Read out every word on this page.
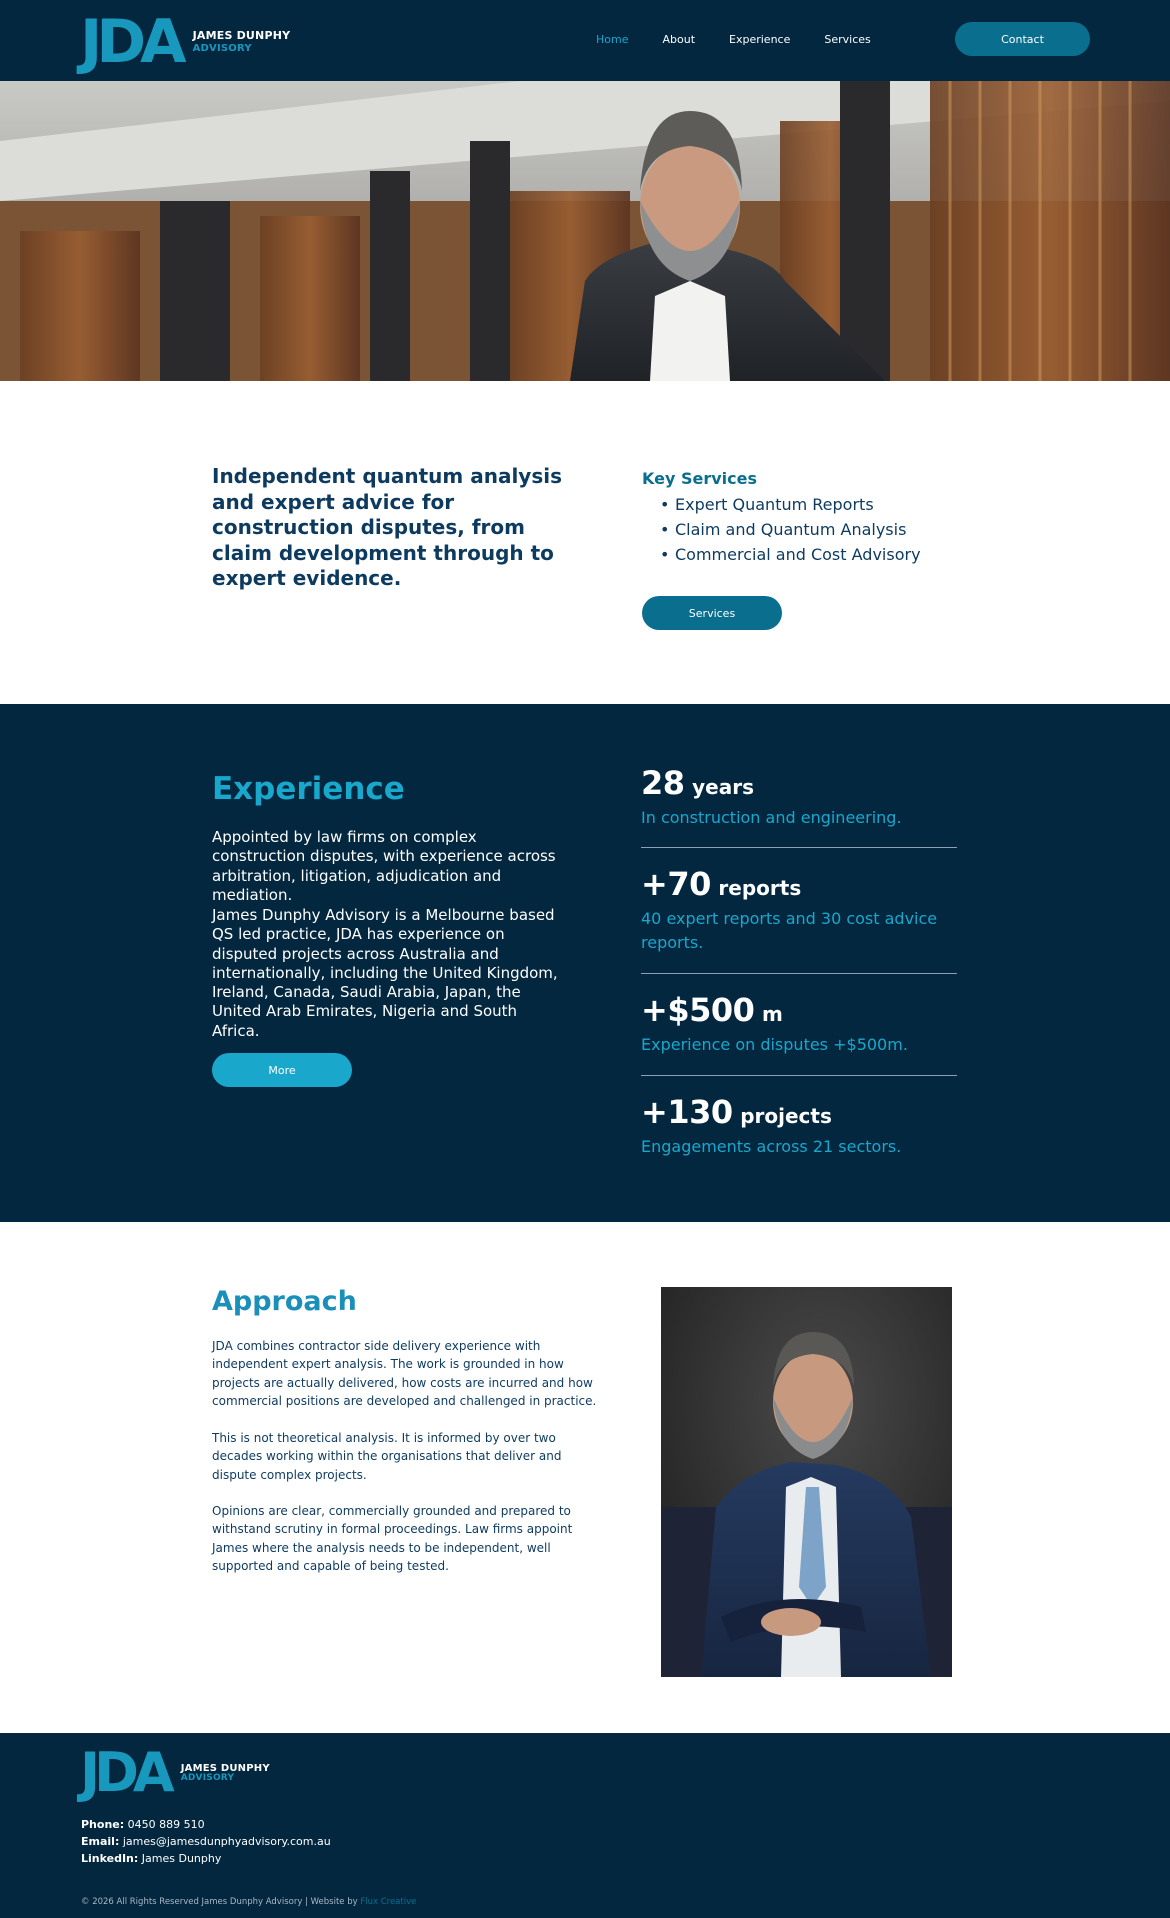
JDA JAMES DUNPHY
ADVISORY
Home	About	Experience	Services	Contact
Independent quantum analysis and expert advice for construction disputes, from claim development through to expert evidence.
Key Services
• Expert Quantum Reports
• Claim and Quantum Analysis
• Commercial and Cost Advisory
Services
Experience

Appointed by law firms on complex construction disputes, with experience across arbitration, litigation, adjudication and mediation.

James Dunphy Advisory is a Melbourne based QS led practice, JDA has experience on disputed projects across Australia and internationally, including the United Kingdom, Ireland, Canada, Saudi Arabia, Japan, the United Arab Emirates, Nigeria and South Africa.

More
28 years
In construction and engineering.
+70 reports
40 expert reports and 30 cost advice reports.
+$500 m
Experience on disputes +$500m.
+130 projects
Engagements across 21 sectors.
Approach

JDA combines contractor side delivery experience with independent expert analysis. The work is grounded in how projects are actually delivered, how costs are incurred and how commercial positions are developed and challenged in practice.

This is not theoretical analysis. It is informed by over two decades working within the organisations that deliver and dispute complex projects.

Opinions are clear, commercially grounded and prepared to withstand scrutiny in formal proceedings. Law firms appoint James where the analysis needs to be independent, well supported and capable of being tested.

JDA JAMES DUNPHY
ADVISORY
Phone: 0450 889 510
Email: james@jamesdunphyadvisory.com.au
LinkedIn: James Dunphy
© 2026 All Rights Reserved James Dunphy Advisory | Website by Flux Creative
